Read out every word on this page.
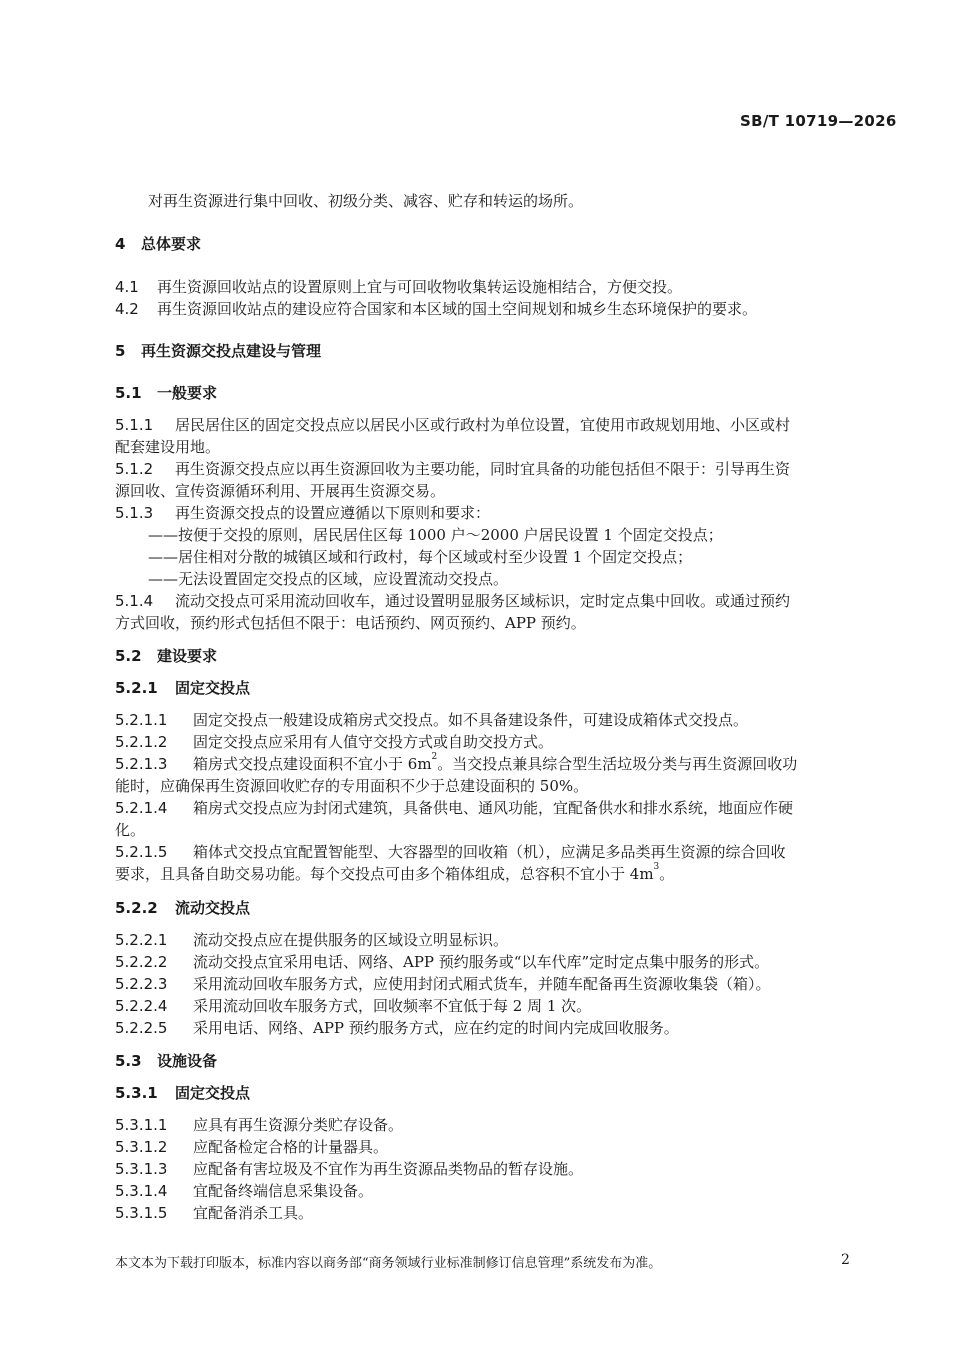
SB/T 10719—2026
对再生资源进行集中回收、初级分类、减容、贮存和转运的场所。
4 总体要求
4.1 再生资源回收站点的设置原则上宜与可回收物收集转运设施相结合，方便交投。
4.2 再生资源回收站点的建设应符合国家和本区域的国土空间规划和城乡生态环境保护的要求。
5 再生资源交投点建设与管理
5.1 一般要求
5.1.1 居民居住区的固定交投点应以居民小区或行政村为单位设置，宜使用市政规划用地、小区或村
配套建设用地。
5.1.2 再生资源交投点应以再生资源回收为主要功能，同时宜具备的功能包括但不限于：引导再生资
源回收、宣传资源循环利用、开展再生资源交易。
5.1.3 再生资源交投点的设置应遵循以下原则和要求：
——按便于交投的原则，居民居住区每 1000 户～2000 户居民设置 1 个固定交投点；
——居住相对分散的城镇区域和行政村，每个区域或村至少设置 1 个固定交投点；
——无法设置固定交投点的区域，应设置流动交投点。
5.1.4 流动交投点可采用流动回收车，通过设置明显服务区域标识，定时定点集中回收。或通过预约
方式回收，预约形式包括但不限于：电话预约、网页预约、APP 预约。
5.2 建设要求
5.2.1 固定交投点
5.2.1.1 固定交投点一般建设成箱房式交投点。如不具备建设条件，可建设成箱体式交投点。
5.2.1.2 固定交投点应采用有人值守交投方式或自助交投方式。
5.2.1.3 箱房式交投点建设面积不宜小于 $6m^2$。当交投点兼具综合型生活垃圾分类与再生资源回收功
能时，应确保再生资源回收贮存的专用面积不少于总建设面积的 50%。
5.2.1.4 箱房式交投点应为封闭式建筑，具备供电、通风功能，宜配备供水和排水系统，地面应作硬
化。
5.2.1.5 箱体式交投点宜配置智能型、大容器型的回收箱（机），应满足多品类再生资源的综合回收
要求，且具备自助交易功能。每个交投点可由多个箱体组成，总容积不宜小于 $4m^3$。
5.2.2 流动交投点
5.2.2.1 流动交投点应在提供服务的区域设立明显标识。
5.2.2.2 流动交投点宜采用电话、网络、APP 预约服务或“以车代库”定时定点集中服务的形式。
5.2.2.3 采用流动回收车服务方式，应使用封闭式厢式货车，并随车配备再生资源收集袋（箱）。
5.2.2.4 采用流动回收车服务方式，回收频率不宜低于每 2 周 1 次。
5.2.2.5 采用电话、网络、APP 预约服务方式，应在约定的时间内完成回收服务。
5.3 设施设备
5.3.1 固定交投点
5.3.1.1 应具有再生资源分类贮存设备。
5.3.1.2 应配备检定合格的计量器具。
5.3.1.3 应配备有害垃圾及不宜作为再生资源品类物品的暂存设施。
5.3.1.4 宜配备终端信息采集设备。
5.3.1.5 宜配备消杀工具。
本文本为下载打印版本，标准内容以商务部“商务领域行业标准制修订信息管理”系统发布为准。	2
